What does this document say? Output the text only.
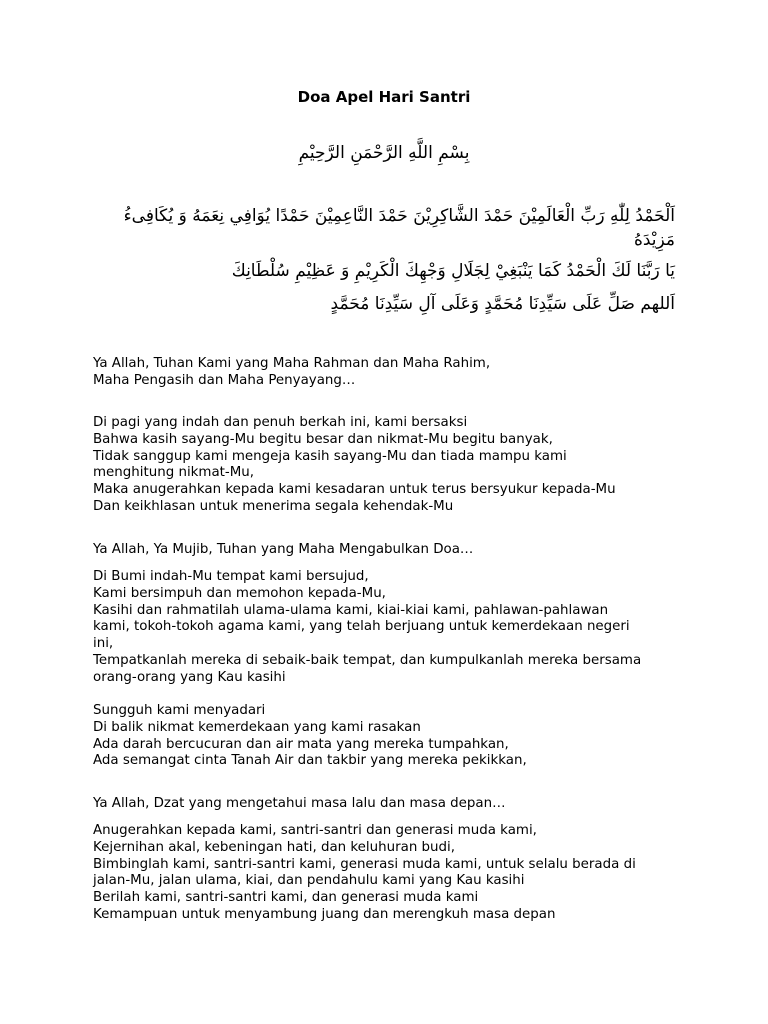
Doa Apel Hari Santri
بِسْمِ اللَّهِ الرَّحْمَنِ الرَّحِيْمِ
اَلْحَمْدُ لِلّٰهِ رَبِّ الْعَالَمِيْنَ حَمْدَ الشَّاكِرِيْنَ حَمْدَ النَّاعِمِيْنَ حَمْدًا يُوَافِي نِعَمَهُ وَ يُكَافِىءُ
مَزِيْدَهُ
يَا رَبَّنَا لَكَ الْحَمْدُ كَمَا يَنْبَغِيْ لِجَلَالِ وَجْهِكَ الْكَرِيْمِ وَ عَظِيْمِ سُلْطَانِكَ
اَللهم صَلِّ عَلَى سَيِّدِنَا مُحَمَّدٍ وَعَلَى آلِ سَيِّدِنَا مُحَمَّدٍ
Ya Allah, Tuhan Kami yang Maha Rahman dan Maha Rahim,
Maha Pengasih dan Maha Penyayang…
Di pagi yang indah dan penuh berkah ini, kami bersaksi
Bahwa kasih sayang-Mu begitu besar dan nikmat-Mu begitu banyak,
Tidak sanggup kami mengeja kasih sayang-Mu dan tiada mampu kami
menghitung nikmat-Mu,
Maka anugerahkan kepada kami kesadaran untuk terus bersyukur kepada-Mu
Dan keikhlasan untuk menerima segala kehendak-Mu
Ya Allah, Ya Mujib, Tuhan yang Maha Mengabulkan Doa…
Di Bumi indah-Mu tempat kami bersujud,
Kami bersimpuh dan memohon kepada-Mu,
Kasihi dan rahmatilah ulama-ulama kami, kiai-kiai kami, pahlawan-pahlawan
kami, tokoh-tokoh agama kami, yang telah berjuang untuk kemerdekaan negeri
ini,
Tempatkanlah mereka di sebaik-baik tempat, dan kumpulkanlah mereka bersama
orang-orang yang Kau kasihi
Sungguh kami menyadari
Di balik nikmat kemerdekaan yang kami rasakan
Ada darah bercucuran dan air mata yang mereka tumpahkan,
Ada semangat cinta Tanah Air dan takbir yang mereka pekikkan,
Ya Allah, Dzat yang mengetahui masa lalu dan masa depan…
Anugerahkan kepada kami, santri-santri dan generasi muda kami,
Kejernihan akal, kebeningan hati, dan keluhuran budi,
Bimbinglah kami, santri-santri kami, generasi muda kami, untuk selalu berada di
jalan-Mu, jalan ulama, kiai, dan pendahulu kami yang Kau kasihi
Berilah kami, santri-santri kami, dan generasi muda kami
Kemampuan untuk menyambung juang dan merengkuh masa depan
